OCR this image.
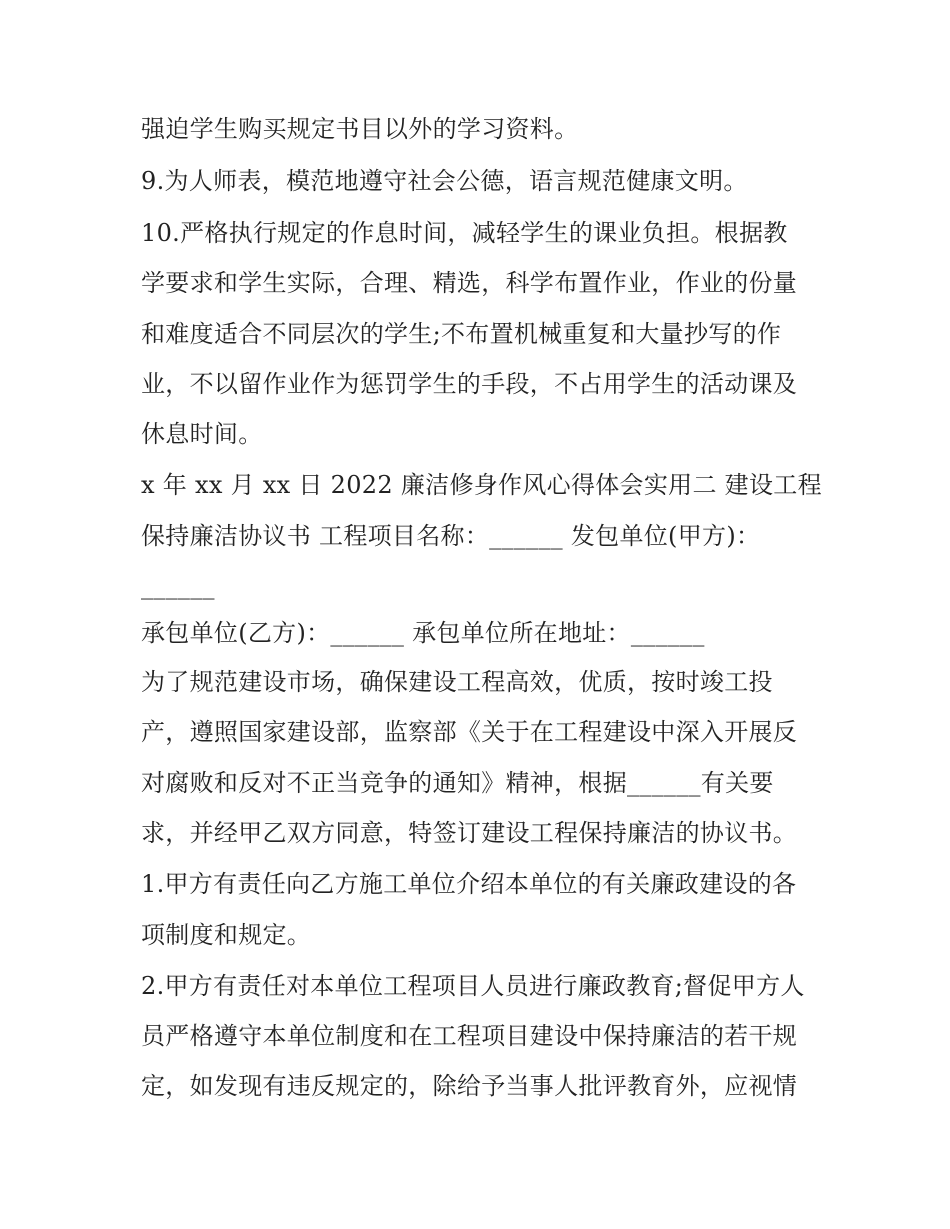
强迫学生购买规定书目以外的学习资料。
9.为人师表，模范地遵守社会公德，语言规范健康文明。
10.严格执行规定的作息时间，减轻学生的课业负担。根据教
学要求和学生实际，合理、精选，科学布置作业，作业的份量
和难度适合不同层次的学生;不布置机械重复和大量抄写的作
业，不以留作业作为惩罚学生的手段，不占用学生的活动课及
休息时间。
x 年 xx 月 xx 日 2022 廉洁修身作风心得体会实用二 建设工程
保持廉洁协议书 工程项目名称：______ 发包单位(甲方)：
______
承包单位(乙方)：______ 承包单位所在地址：______
为了规范建设市场，确保建设工程高效，优质，按时竣工投
产，遵照国家建设部，监察部《关于在工程建设中深入开展反
对腐败和反对不正当竞争的通知》精神，根据______有关要
求，并经甲乙双方同意，特签订建设工程保持廉洁的协议书。
1.甲方有责任向乙方施工单位介绍本单位的有关廉政建设的各
项制度和规定。
2.甲方有责任对本单位工程项目人员进行廉政教育;督促甲方人
员严格遵守本单位制度和在工程项目建设中保持廉洁的若干规
定，如发现有违反规定的，除给予当事人批评教育外，应视情
